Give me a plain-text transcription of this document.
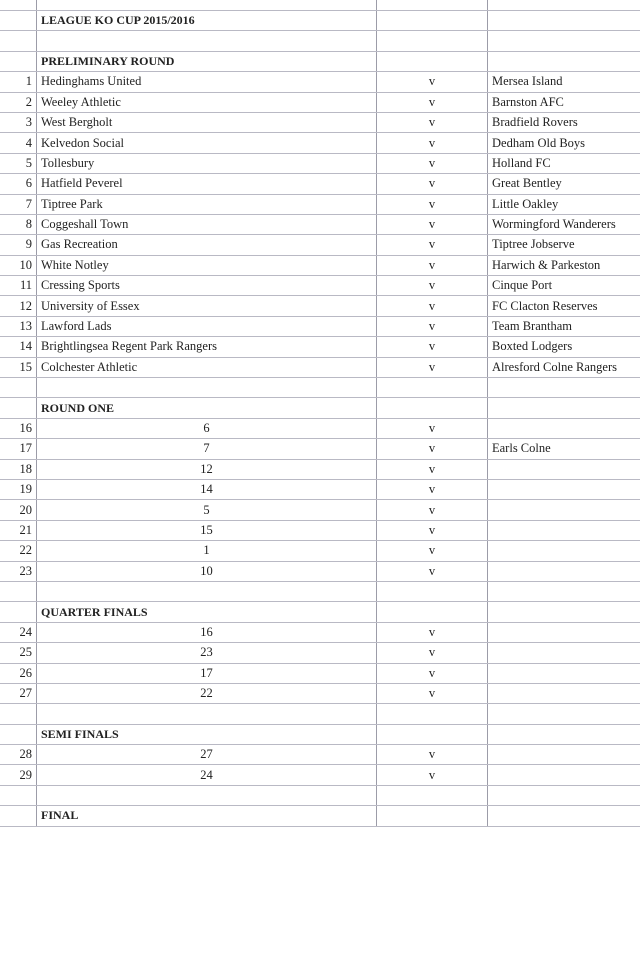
	LEAGUE KO CUP 2015/2016		

	PRELIMINARY ROUND		
1	Hedinghams United	v	Mersea Island
2	Weeley Athletic	v	Barnston AFC
3	West Bergholt	v	Bradfield Rovers
4	Kelvedon Social	v	Dedham Old Boys
5	Tollesbury	v	Holland FC
6	Hatfield Peverel	v	Great Bentley
7	Tiptree Park	v	Little Oakley
8	Coggeshall Town	v	Wormingford Wanderers
9	Gas Recreation	v	Tiptree Jobserve
10	White Notley	v	Harwich & Parkeston
11	Cressing Sports	v	Cinque Port
12	University of Essex	v	FC Clacton Reserves
13	Lawford Lads	v	Team Brantham
14	Brightlingsea Regent Park Rangers	v	Boxted Lodgers
15	Colchester Athletic	v	Alresford Colne Rangers

	ROUND ONE		
16	6	v	
17	7	v	Earls Colne
18	12	v	
19	14	v	
20	5	v	
21	15	v	
22	1	v	
23	10	v	

	QUARTER FINALS		
24	16	v	
25	23	v	
26	17	v	
27	22	v	

	SEMI FINALS		
28	27	v	
29	24	v	

	FINAL		
